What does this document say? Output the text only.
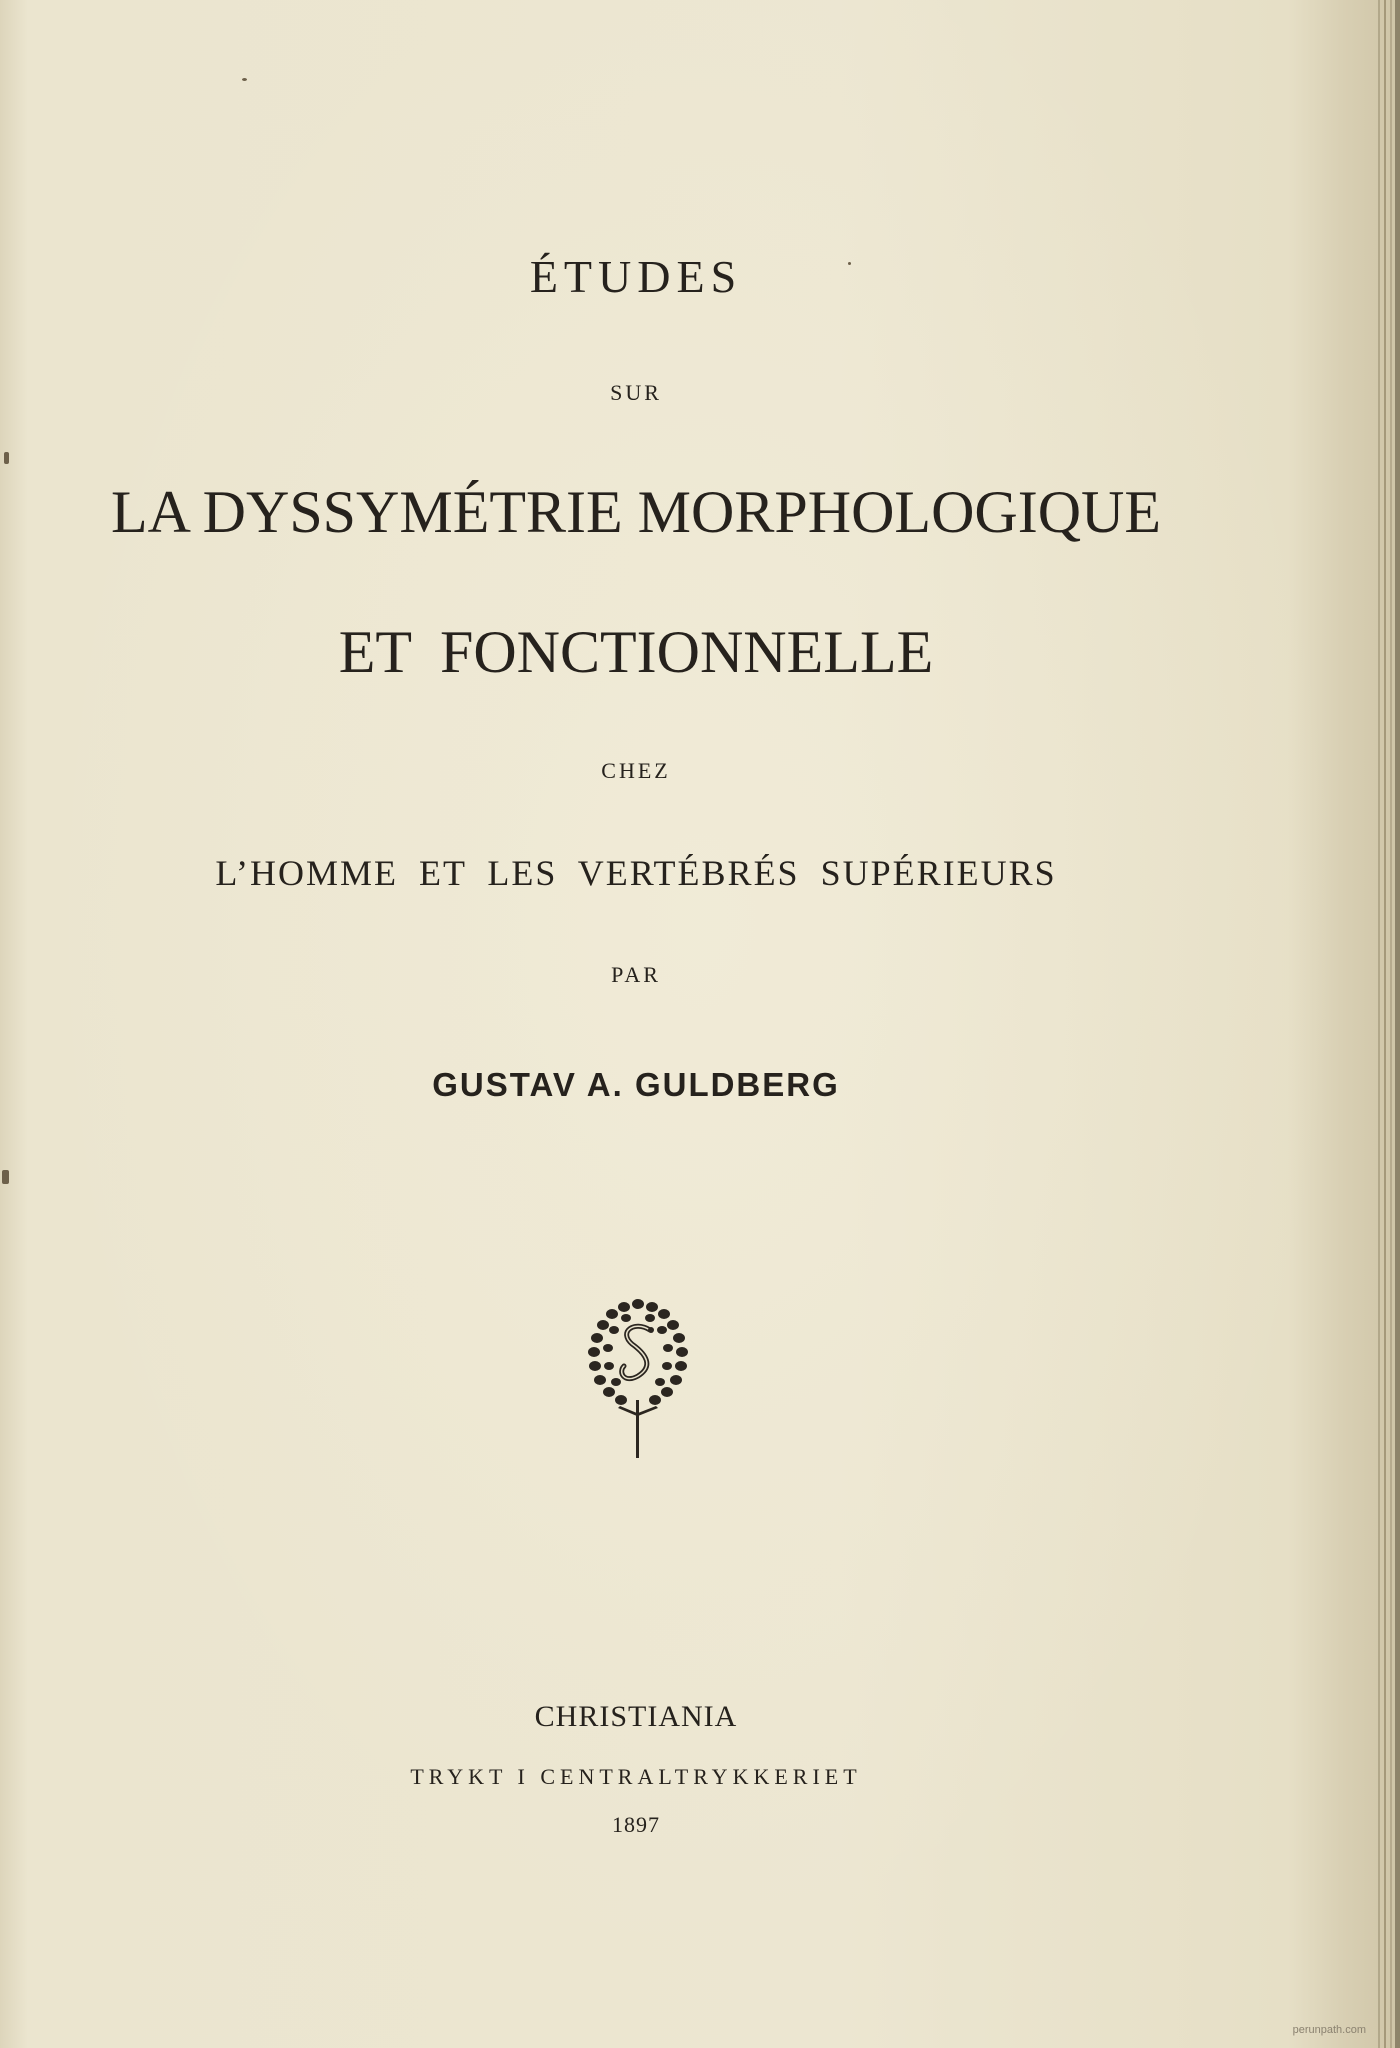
ÉTUDES
SUR
LA DYSSYMÉTRIE MORPHOLOGIQUE
ET FONCTIONNELLE
CHEZ
L’HOMME ET LES VERTÉBRÉS SUPÉRIEURS
PAR
GUSTAV A. GULDBERG
CHRISTIANIA
TRYKT I CENTRALTRYKKERIET
1897
perunpath.com
